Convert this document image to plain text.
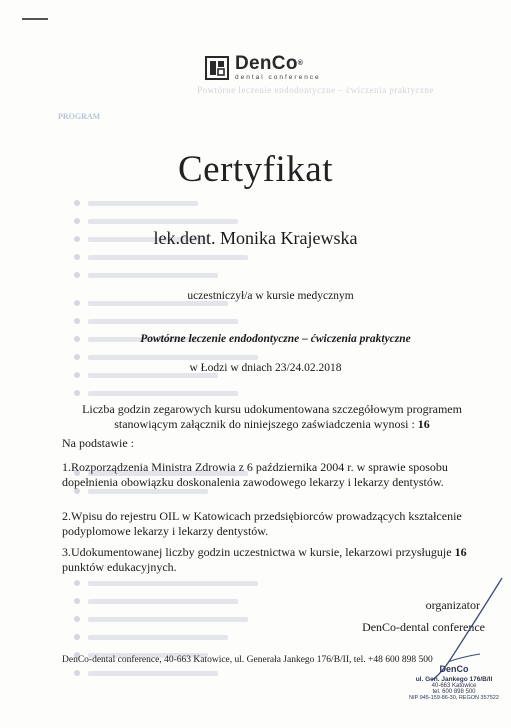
Powtórne leczenie endodontyczne – ćwiczenia praktyczne
PROGRAM
DenCo®
dental conference
Certyfikat
lek.dent. Monika Krajewska
uczestniczył/a w kursie medycznym
Powtórne leczenie endodontyczne – ćwiczenia praktyczne
w Łodzi w dniach 23/24.02.2018
Liczba godzin zegarowych kursu udokumentowana szczegółowym programem stanowiącym załącznik do niniejszego zaświadczenia wynosi : 16
Na podstawie :
1.Rozporządzenia Ministra Zdrowia z 6 października 2004 r. w sprawie sposobu dopełnienia obowiązku doskonalenia zawodowego lekarzy i lekarzy dentystów.
2.Wpisu do rejestru OIL w Katowicach przedsiębiorców prowadzących kształcenie podyplomowe lekarzy i lekarzy dentystów.
3.Udokumentowanej liczby godzin uczestnictwa w kursie, lekarzowi przysługuje 16 punktów edukacyjnych.
organizator
DenCo-dental conference
DenCo-dental conference, 40-663 Katowice, ul. Generała Jankego 176/B/II, tel. +48 600 898 500
DenCo
ul. Gen. Jankego 176/B/II
40-663 Katowice
tel. 600 898 500
NIP 945-159-86-30, REGON 357522
